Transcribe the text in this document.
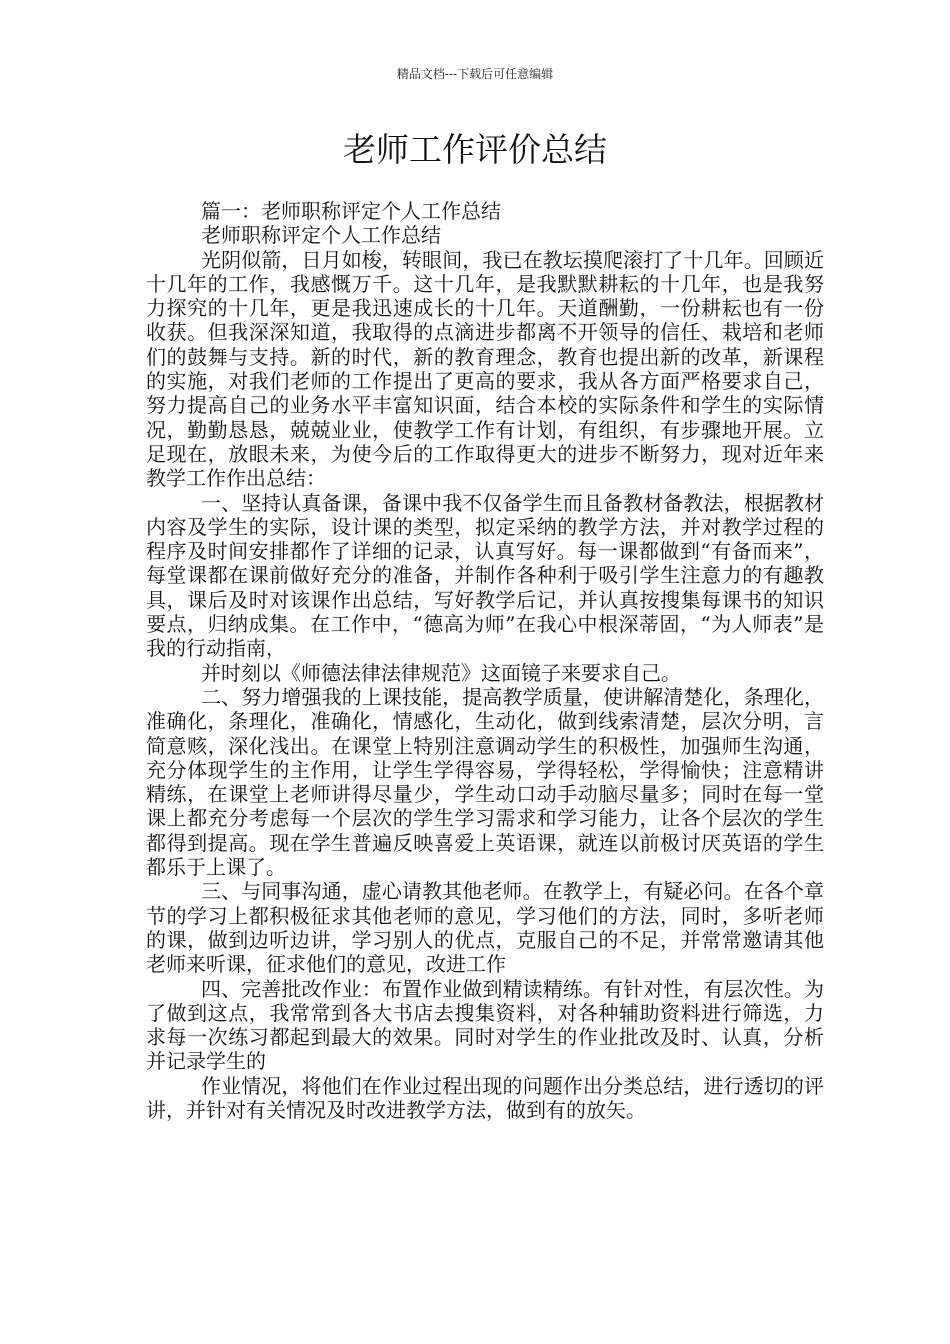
精品文档---下载后可任意编辑
老师工作评价总结

篇一：老师职称评定个人工作总结

老师职称评定个人工作总结

光阴似箭，日月如梭，转眼间，我已在教坛摸爬滚打了十几年。回顾近十几年的工作，我感慨万千。这十几年，是我默默耕耘的十几年，也是我努力探究的十几年，更是我迅速成长的十几年。天道酬勤，一份耕耘也有一份收获。但我深深知道，我取得的点滴进步都离不开领导的信任、栽培和老师们的鼓舞与支持。新的时代，新的教育理念，教育也提出新的改革，新课程的实施，对我们老师的工作提出了更高的要求，我从各方面严格要求自己，努力提高自己的业务水平丰富知识面，结合本校的实际条件和学生的实际情况，勤勤恳恳，兢兢业业，使教学工作有计划，有组织，有步骤地开展。立足现在，放眼未来，为使今后的工作取得更大的进步不断努力，现对近年来教学工作作出总结：

一、坚持认真备课，备课中我不仅备学生而且备教材备教法，根据教材内容及学生的实际，设计课的类型，拟定采纳的教学方法，并对教学过程的程序及时间安排都作了详细的记录，认真写好。每一课都做到“有备而来”，每堂课都在课前做好充分的准备，并制作各种利于吸引学生注意力的有趣教具，课后及时对该课作出总结，写好教学后记，并认真按搜集每课书的知识要点，归纳成集。在工作中，“德高为师”在我心中根深蒂固，“为人师表”是我的行动指南，

并时刻以《师德法律法律规范》这面镜子来要求自己。

二、努力增强我的上课技能，提高教学质量，使讲解清楚化，条理化，准确化，条理化，准确化，情感化，生动化，做到线索清楚，层次分明，言简意赅，深化浅出。在课堂上特别注意调动学生的积极性，加强师生沟通，充分体现学生的主作用，让学生学得容易，学得轻松，学得愉快；注意精讲精练，在课堂上老师讲得尽量少，学生动口动手动脑尽量多；同时在每一堂课上都充分考虑每一个层次的学生学习需求和学习能力，让各个层次的学生都得到提高。现在学生普遍反映喜爱上英语课，就连以前极讨厌英语的学生都乐于上课了。

三、与同事沟通，虚心请教其他老师。在教学上，有疑必问。在各个章节的学习上都积极征求其他老师的意见，学习他们的方法，同时，多听老师的课，做到边听边讲，学习别人的优点，克服自己的不足，并常常邀请其他老师来听课，征求他们的意见，改进工作

四、完善批改作业：布置作业做到精读精练。有针对性，有层次性。为了做到这点，我常常到各大书店去搜集资料，对各种辅助资料进行筛选，力求每一次练习都起到最大的效果。同时对学生的作业批改及时、认真，分析并记录学生的

作业情况，将他们在作业过程出现的问题作出分类总结，进行透切的评讲，并针对有关情况及时改进教学方法，做到有的放矢。
